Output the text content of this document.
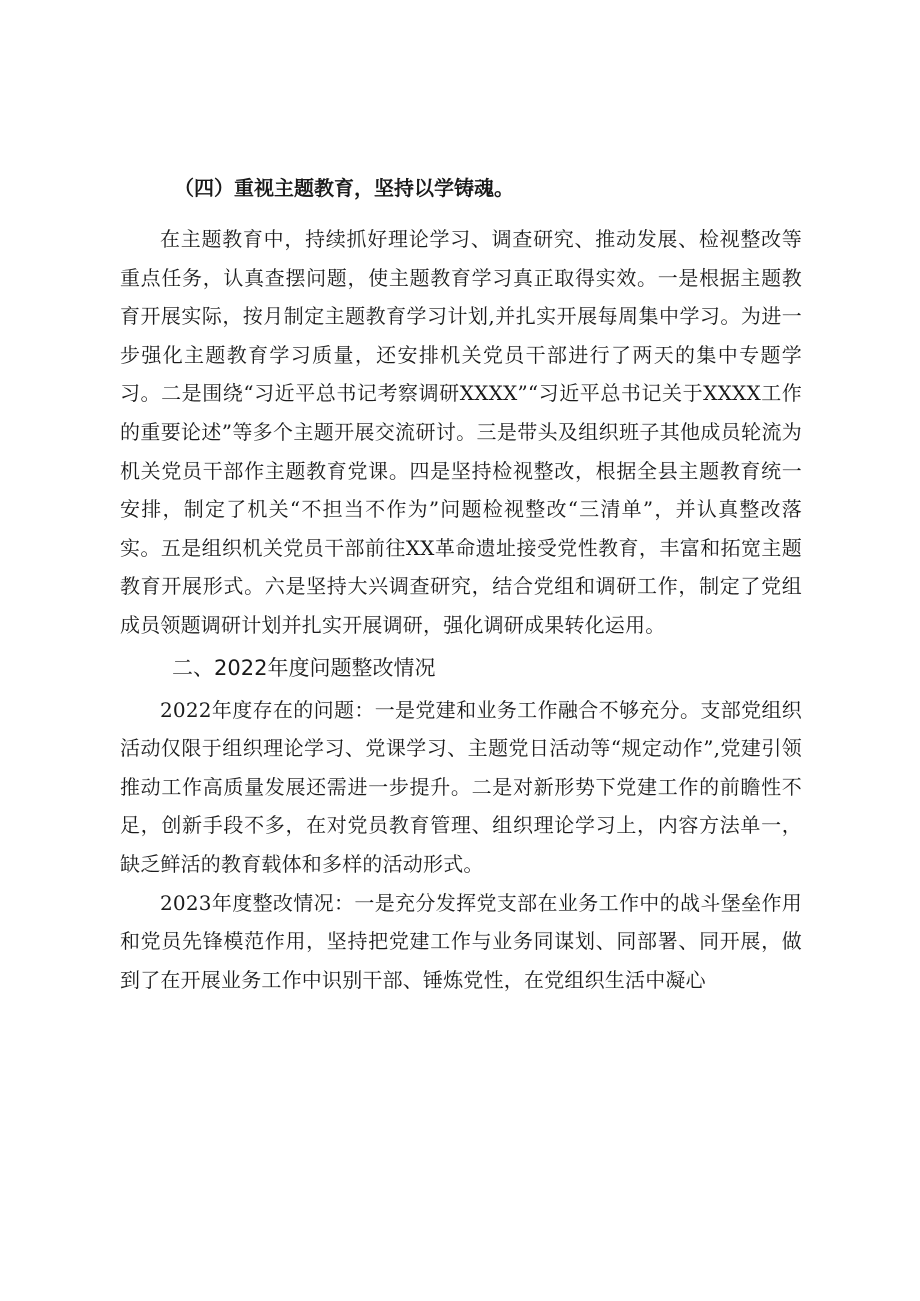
（四）重视主题教育，坚持以学铸魂。

在主题教育中，持续抓好理论学习、调查研究、推动发展、检视整改等重点任务，认真查摆问题，使主题教育学习真正取得实效。一是根据主题教育开展实际，按月制定主题教育学习计划,并扎实开展每周集中学习。为进一步强化主题教育学习质量，还安排机关党员干部进行了两天的集中专题学习。二是围绕“习近平总书记考察调研XXXX”“习近平总书记关于XXXX工作的重要论述”等多个主题开展交流研讨。三是带头及组织班子其他成员轮流为机关党员干部作主题教育党课。四是坚持检视整改，根据全县主题教育统一安排，制定了机关“不担当不作为”问题检视整改“三清单”，并认真整改落实。五是组织机关党员干部前往XX革命遗址接受党性教育，丰富和拓宽主题教育开展形式。六是坚持大兴调查研究，结合党组和调研工作，制定了党组成员领题调研计划并扎实开展调研，强化调研成果转化运用。

二、2022年度问题整改情况

2022年度存在的问题：一是党建和业务工作融合不够充分。支部党组织活动仅限于组织理论学习、党课学习、主题党日活动等“规定动作”,党建引领推动工作高质量发展还需进一步提升。二是对新形势下党建工作的前瞻性不足，创新手段不多，在对党员教育管理、组织理论学习上，内容方法单一，缺乏鲜活的教育载体和多样的活动形式。

2023年度整改情况：一是充分发挥党支部在业务工作中的战斗堡垒作用和党员先锋模范作用，坚持把党建工作与业务同谋划、同部署、同开展，做到了在开展业务工作中识别干部、锤炼党性，在党组织生活中凝心
